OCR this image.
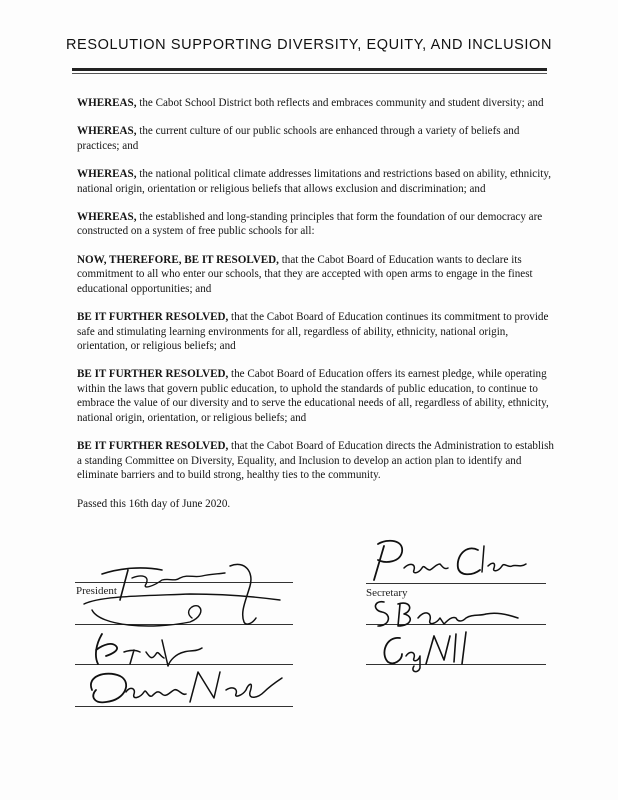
RESOLUTION SUPPORTING DIVERSITY, EQUITY, AND INCLUSION

WHEREAS, the Cabot School District both reflects and embraces community and student diversity; and

WHEREAS, the current culture of our public schools are enhanced through a variety of beliefs and practices; and

WHEREAS, the national political climate addresses limitations and restrictions based on ability, ethnicity, national origin, orientation or religious beliefs that allows exclusion and discrimination; and

WHEREAS, the established and long-standing principles that form the foundation of our democracy are constructed on a system of free public schools for all:

NOW, THEREFORE, BE IT RESOLVED, that the Cabot Board of Education wants to declare its commitment to all who enter our schools, that they are accepted with open arms to engage in the finest educational opportunities; and

BE IT FURTHER RESOLVED, that the Cabot Board of Education continues its commitment to provide safe and stimulating learning environments for all, regardless of ability, ethnicity, national origin, orientation, or religious beliefs; and

BE IT FURTHER RESOLVED, the Cabot Board of Education offers its earnest pledge, while operating within the laws that govern public education, to uphold the standards of public education, to continue to embrace the value of our diversity and to serve the educational needs of all, regardless of ability, ethnicity, national origin, orientation, or religious beliefs; and

BE IT FURTHER RESOLVED, that the Cabot Board of Education directs the Administration to establish a standing Committee on Diversity, Equality, and Inclusion to develop an action plan to identify and eliminate barriers and to build strong, healthy ties to the community.

Passed this 16th day of June 2020.

President	Secretary
